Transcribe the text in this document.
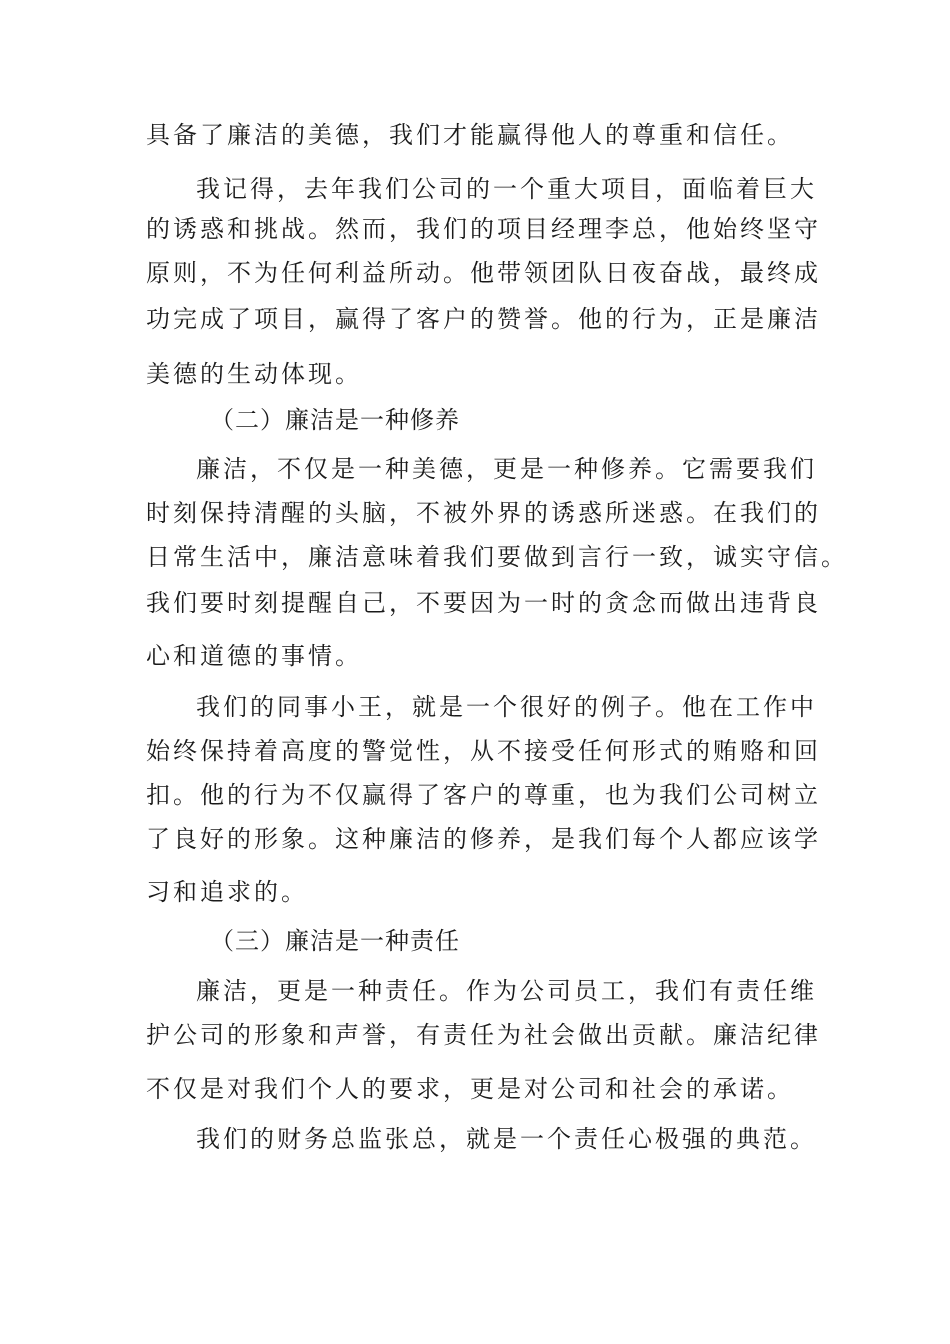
具备了廉洁的美德，我们才能赢得他人的尊重和信任。
我记得，去年我们公司的一个重大项目，面临着巨大
的诱惑和挑战。然而，我们的项目经理李总，他始终坚守
原则，不为任何利益所动。他带领团队日夜奋战，最终成
功完成了项目，赢得了客户的赞誉。他的行为，正是廉洁
美德的生动体现。
（二）廉洁是一种修养
廉洁，不仅是一种美德，更是一种修养。它需要我们
时刻保持清醒的头脑，不被外界的诱惑所迷惑。在我们的
日常生活中，廉洁意味着我们要做到言行一致，诚实守信。
我们要时刻提醒自己，不要因为一时的贪念而做出违背良
心和道德的事情。
我们的同事小王，就是一个很好的例子。他在工作中
始终保持着高度的警觉性，从不接受任何形式的贿赂和回
扣。他的行为不仅赢得了客户的尊重，也为我们公司树立
了良好的形象。这种廉洁的修养，是我们每个人都应该学
习和追求的。
（三）廉洁是一种责任
廉洁，更是一种责任。作为公司员工，我们有责任维
护公司的形象和声誉，有责任为社会做出贡献。廉洁纪律
不仅是对我们个人的要求，更是对公司和社会的承诺。
我们的财务总监张总，就是一个责任心极强的典范。
